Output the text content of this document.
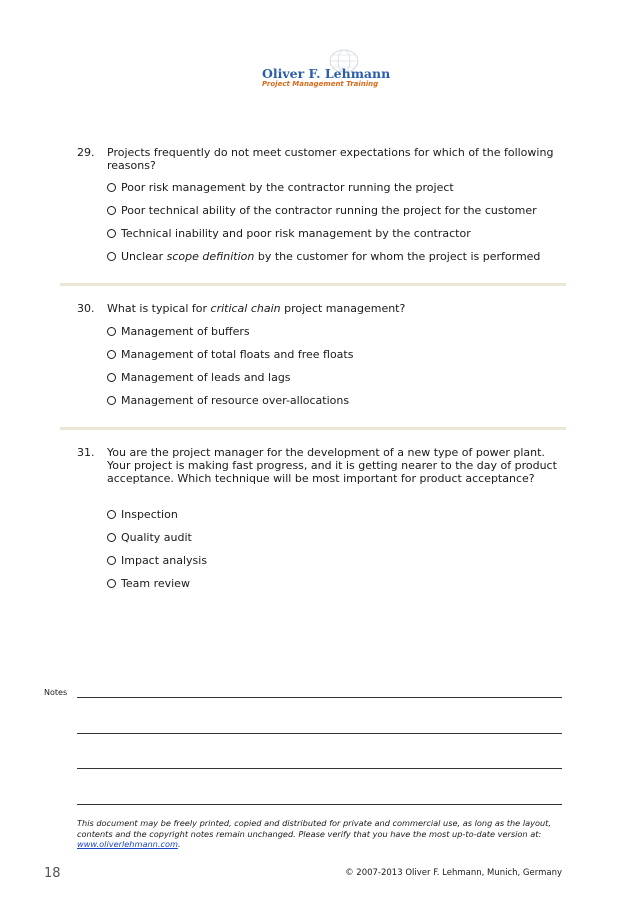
Oliver F. Lehmann
Project Management Training
29. Projects frequently do not meet customer expectations for which of the following reasons?
Poor risk management by the contractor running the project
Poor technical ability of the contractor running the project for the customer
Technical inability and poor risk management by the contractor
Unclear scope definition by the customer for whom the project is performed
30. What is typical for critical chain project management?
Management of buffers
Management of total floats and free floats
Management of leads and lags
Management of resource over-allocations
31. You are the project manager for the development of a new type of power plant. Your project is making fast progress, and it is getting nearer to the day of product acceptance. Which technique will be most important for product acceptance?
Inspection
Quality audit
Impact analysis
Team review
Notes
This document may be freely printed, copied and distributed for private and commercial use, as long as the layout, contents and the copyright notes remain unchanged. Please verify that you have the most up-to-date version at: www.oliverlehmann.com.
18	© 2007-2013 Oliver F. Lehmann, Munich, Germany
